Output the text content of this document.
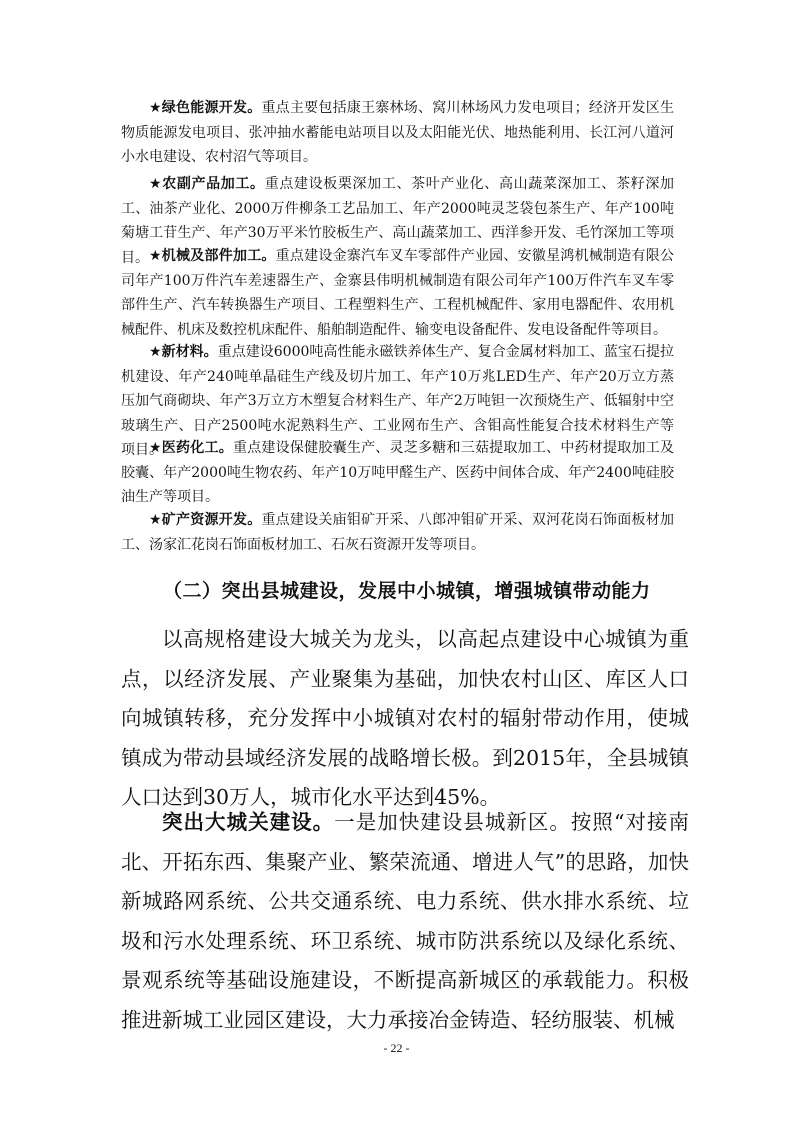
★绿色能源开发。重点主要包括康王寨林场、窝川林场风力发电项目；经济开发区生物质能源发电项目、张冲抽水蓄能电站项目以及太阳能光伏、地热能利用、长江河八道河小水电建设、农村沼气等项目。

★农副产品加工。重点建设板栗深加工、茶叶产业化、高山蔬菜深加工、茶籽深加工、油茶产业化、2000万件柳条工艺品加工、年产2000吨灵芝袋包茶生产、年产100吨菊塘工苷生产、年产30万平米竹胶板生产、高山蔬菜加工、西洋参开发、毛竹深加工等项目。 ★机械及部件加工。重点建设金寨汽车叉车零部件产业园、安徽星鸿机械制造有限公司年产100万件汽车差速器生产、金寨县伟明机械制造有限公司年产100万件汽车叉车零部件生产、汽车转换器生产项目、工程塑料生产、工程机械配件、家用电器配件、农用机械配件、机床及数控机床配件、船舶制造配件、输变电设备配件、发电设备配件等项目。

★新材料。重点建设6000吨高性能永磁铁养体生产、复合金属材料加工、蓝宝石提拉机建设、年产240吨单晶硅生产线及切片加工、年产10万兆LED生产、年产20万立方蒸压加气商砌块、年产3万立方木塑复合材料生产、年产2万吨钽一次预烧生产、低辐射中空玻璃生产、日产2500吨水泥熟料生产、工业网布生产、含钼高性能复合技术材料生产等项目。

★医药化工。重点建设保健胶囊生产、灵芝多糖和三菇提取加工、中药材提取加工及胶囊、年产2000吨生物农药、年产10万吨甲醛生产、医药中间体合成、年产2400吨硅胶油生产等项目。

★矿产资源开发。重点建设关庙钼矿开采、八郎冲钼矿开采、双河花岗石饰面板材加工、汤家汇花岗石饰面板材加工、石灰石资源开发等项目。

（二）突出县城建设，发展中小城镇，增强城镇带动能力

以高规格建设大城关为龙头，以高起点建设中心城镇为重点，以经济发展、产业聚集为基础，加快农村山区、库区人口向城镇转移，充分发挥中小城镇对农村的辐射带动作用，使城镇成为带动县域经济发展的战略增长极。到2015年，全县城镇人口达到30万人，城市化水平达到45%。

突出大城关建设。一是加快建设县城新区。按照“对接南北、开拓东西、集聚产业、繁荣流通、增进人气”的思路，加快新城路网系统、公共交通系统、电力系统、供水排水系统、垃圾和污水处理系统、环卫系统、城市防洪系统以及绿化系统、景观系统等基础设施建设，不断提高新城区的承载能力。积极推进新城工业园区建设，大力承接冶金铸造、轻纺服装、机械

- 22 -
